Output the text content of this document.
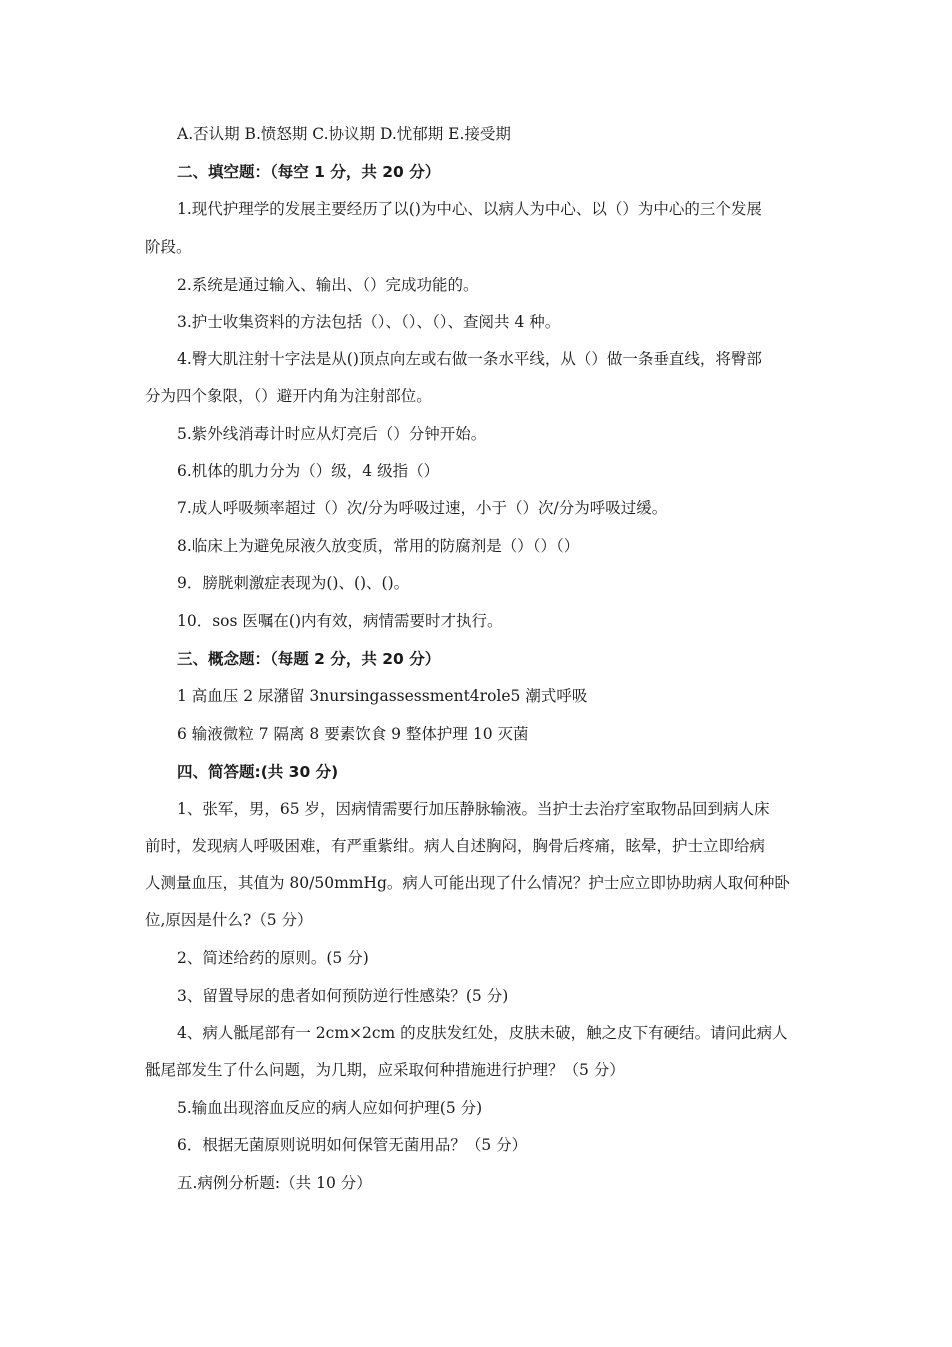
A.否认期 B.愤怒期 C.协议期 D.忧郁期 E.接受期
二、填空题：（每空 1 分，共 20 分）
1.现代护理学的发展主要经历了以()为中心、以病人为中心、以（）为中心的三个发展
阶段。
2.系统是通过输入、输出、（）完成功能的。
3.护士收集资料的方法包括（）、（）、（）、查阅共 4 种。
4.臀大肌注射十字法是从()顶点向左或右做一条水平线，从（）做一条垂直线，将臀部
分为四个象限，（）避开内角为注射部位。
5.紫外线消毒计时应从灯亮后（）分钟开始。
6.机体的肌力分为（）级，4 级指（）
7.成人呼吸频率超过（）次/分为呼吸过速，小于（）次/分为呼吸过缓。
8.临床上为避免尿液久放变质，常用的防腐剂是（）（）（）
9．膀胱刺激症表现为()、()、()。
10．sos 医嘱在()内有效，病情需要时才执行。
三、概念题：（每题 2 分，共 20 分）
1 高血压 2 尿潴留 3nursingassessment4role5 潮式呼吸
6 输液微粒 7 隔离 8 要素饮食 9 整体护理 10 灭菌
四、简答题:(共 30 分)
1、张军，男，65 岁，因病情需要行加压静脉输液。当护士去治疗室取物品回到病人床
前时，发现病人呼吸困难，有严重紫绀。病人自述胸闷，胸骨后疼痛，眩晕，护士立即给病
人测量血压，其值为 80/50mmHg。病人可能出现了什么情况？护士应立即协助病人取何种卧
位,原因是什么?（5 分）
2、简述给药的原则。(5 分)
3、留置导尿的患者如何预防逆行性感染？(5 分)
4、病人骶尾部有一 2cm×2cm 的皮肤发红处，皮肤未破，触之皮下有硬结。请问此病人
骶尾部发生了什么问题，为几期，应采取何种措施进行护理？（5 分）
5.输血出现溶血反应的病人应如何护理(5 分)
6．根据无菌原则说明如何保管无菌用品？（5 分）
五.病例分析题:（共 10 分）
